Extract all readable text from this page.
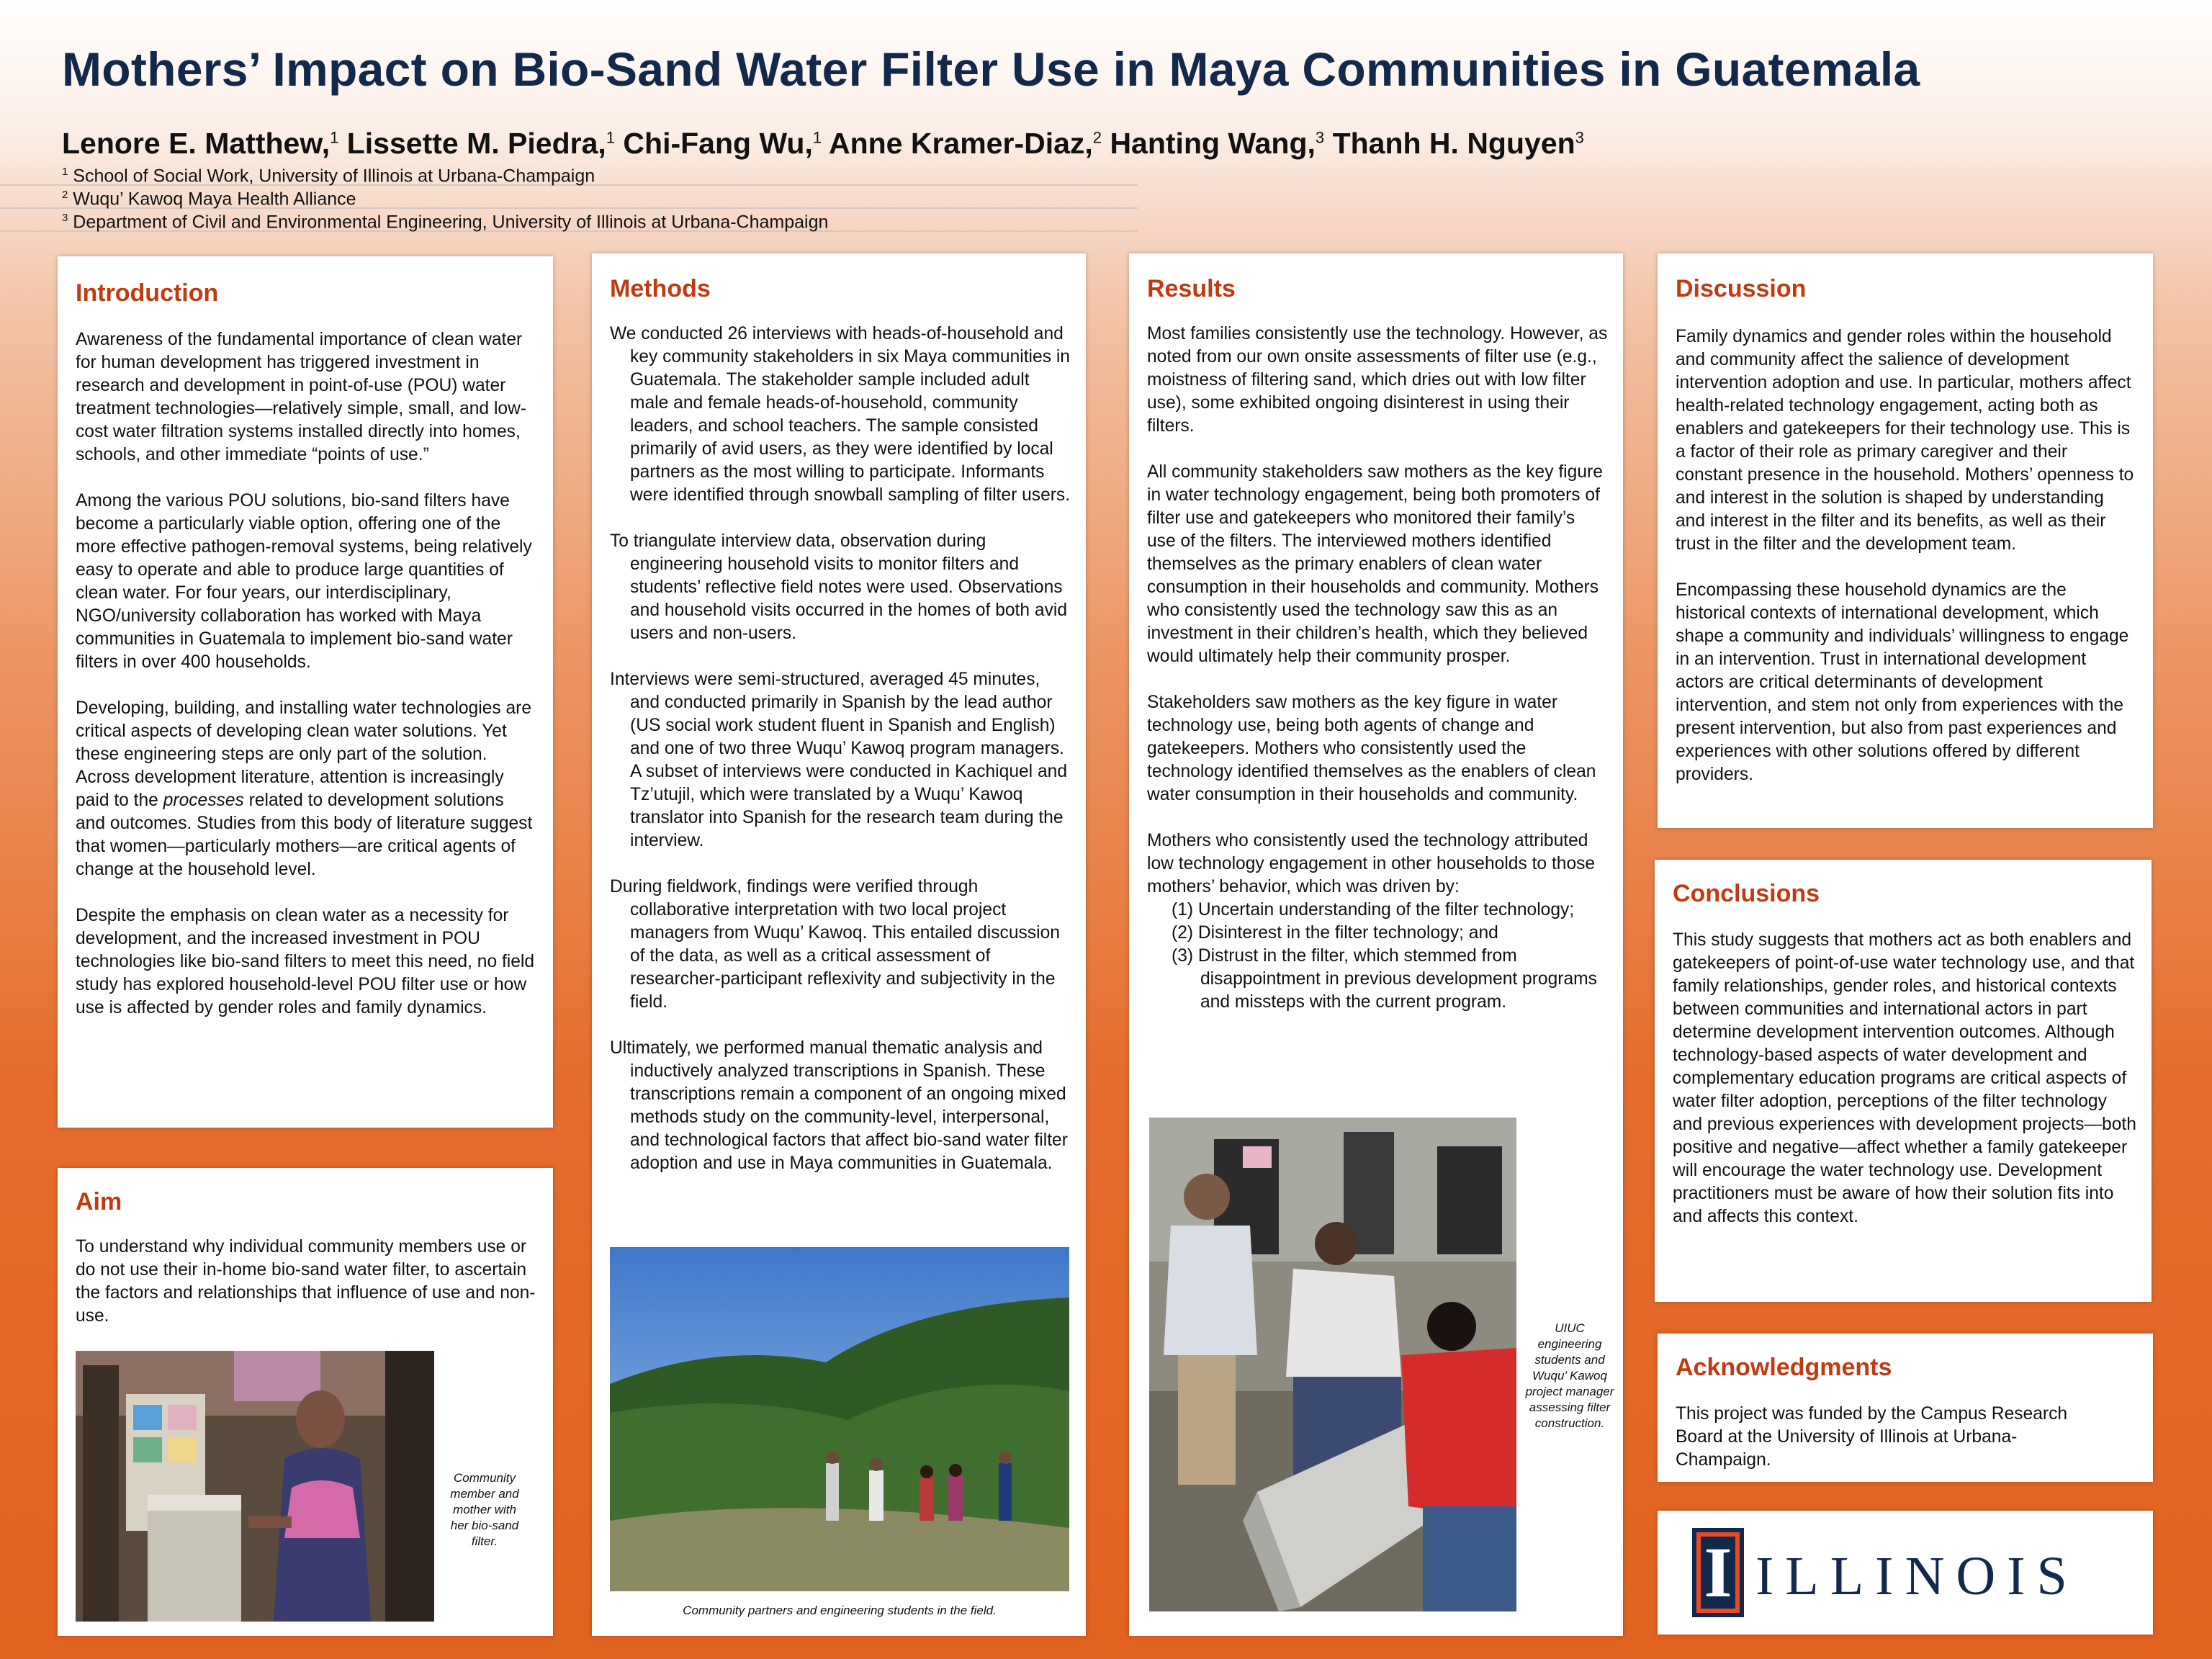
Mothers’ Impact on Bio-Sand Water Filter Use in Maya Communities in Guatemala
Lenore E. Matthew,$^1$ Lissette M. Piedra,$^1$ Chi-Fang Wu,$^1$ Anne Kramer-Diaz,$^2$ Hanting Wang,$^3$ Thanh H. Nguyen$^3$
$^1$ School of Social Work, University of Illinois at Urbana-Champaign
$^2$ Wuqu’ Kawoq Maya Health Alliance
$^3$ Department of Civil and Environmental Engineering, University of Illinois at Urbana-Champaign
Introduction

Awareness of the fundamental importance of clean water for human development has triggered investment in research and development in point-of-use (POU) water treatment technologies—relatively simple, small, and low-cost water filtration systems installed directly into homes, schools, and other immediate “points of use.”

Among the various POU solutions, bio-sand filters have become a particularly viable option, offering one of the more effective pathogen-removal systems, being relatively easy to operate and able to produce large quantities of clean water. For four years, our interdisciplinary, NGO/university collaboration has worked with Maya communities in Guatemala to implement bio-sand water filters in over 400 households.

Developing, building, and installing water technologies are critical aspects of developing clean water solutions. Yet these engineering steps are only part of the solution. Across development literature, attention is increasingly paid to the processes related to development solutions and outcomes. Studies from this body of literature suggest that women—particularly mothers—are critical agents of change at the household level.

Despite the emphasis on clean water as a necessity for development, and the increased investment in POU technologies like bio-sand filters to meet this need, no field study has explored household-level POU filter use or how use is affected by gender roles and family dynamics.

Aim

To understand why individual community members use or do not use their in-home bio-sand water filter, to ascertain the factors and relationships that influence of use and non-use.

Community member and mother with her bio-sand filter.
Methods

We conducted 26 interviews with heads-of-household and key community stakeholders in six Maya communities in Guatemala. The stakeholder sample included adult male and female heads-of-household, community leaders, and school teachers. The sample consisted primarily of avid users, as they were identified by local partners as the most willing to participate. Informants were identified through snowball sampling of filter users.

To triangulate interview data, observation during engineering household visits to monitor filters and students’ reflective field notes were used. Observations and household visits occurred in the homes of both avid users and non-users.

Interviews were semi-structured, averaged 45 minutes, and conducted primarily in Spanish by the lead author (US social work student fluent in Spanish and English) and one of two three Wuqu’ Kawoq program managers. A subset of interviews were conducted in Kachiquel and Tz’utujil, which were translated by a Wuqu’ Kawoq translator into Spanish for the research team during the interview.

During fieldwork, findings were verified through collaborative interpretation with two local project managers from Wuqu’ Kawoq. This entailed discussion of the data, as well as a critical assessment of researcher-participant reflexivity and subjectivity in the field.

Ultimately, we performed manual thematic analysis and inductively analyzed transcriptions in Spanish. These transcriptions remain a component of an ongoing mixed methods study on the community-level, interpersonal, and technological factors that affect bio-sand water filter adoption and use in Maya communities in Guatemala.

Community partners and engineering students in the field.
Results

Most families consistently use the technology. However, as noted from our own onsite assessments of filter use (e.g., moistness of filtering sand, which dries out with low filter use), some exhibited ongoing disinterest in using their filters.

All community stakeholders saw mothers as the key figure in water technology engagement, being both promoters of filter use and gatekeepers who monitored their family’s use of the filters. The interviewed mothers identified themselves as the primary enablers of clean water consumption in their households and community. Mothers who consistently used the technology saw this as an investment in their children’s health, which they believed would ultimately help their community prosper.

Stakeholders saw mothers as the key figure in water technology use, being both agents of change and gatekeepers. Mothers who consistently used the technology identified themselves as the enablers of clean water consumption in their households and community.

Mothers who consistently used the technology attributed low technology engagement in other households to those mothers’ behavior, which was driven by:

(1) Uncertain understanding of the filter technology;
(2) Disinterest in the filter technology; and
(3) Distrust in the filter, which stemmed from disappointment in previous development programs and missteps with the current program.
UIUC engineering students and Wuqu’ Kawoq project manager assessing filter construction.
Discussion

Family dynamics and gender roles within the household and community affect the salience of development intervention adoption and use. In particular, mothers affect health-related technology engagement, acting both as enablers and gatekeepers for their technology use. This is a factor of their role as primary caregiver and their constant presence in the household. Mothers’ openness to and interest in the solution is shaped by understanding and interest in the filter and its benefits, as well as their trust in the filter and the development team.

Encompassing these household dynamics are the historical contexts of international development, which shape a community and individuals’ willingness to engage in an intervention. Trust in international development actors are critical determinants of development intervention, and stem not only from experiences with the present intervention, but also from past experiences and experiences with other solutions offered by different providers.

Conclusions

This study suggests that mothers act as both enablers and gatekeepers of point-of-use water technology use, and that family relationships, gender roles, and historical contexts between communities and international actors in part determine development intervention outcomes. Although technology-based aspects of water development and complementary education programs are critical aspects of water filter adoption, perceptions of the filter technology and previous experiences with development projects—both positive and negative—affect whether a family gatekeeper will encourage the water technology use. Development practitioners must be aware of how their solution fits into and affects this context.

Acknowledgments

This project was funded by the Campus Research Board at the University of Illinois at Urbana-Champaign.

I ILLINOIS
